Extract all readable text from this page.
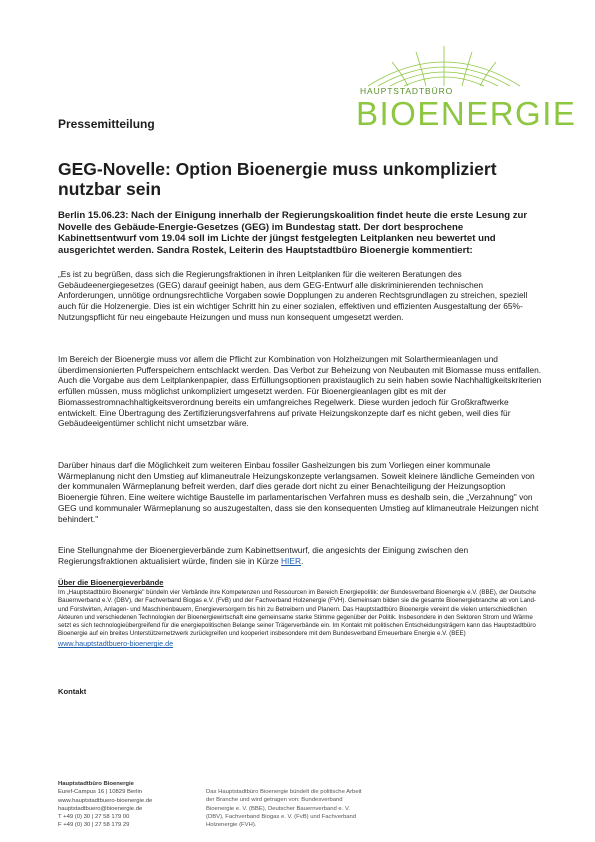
HAUPTSTADTBÜRO
BIOENERGIE
Pressemitteilung
GEG-Novelle: Option Bioenergie muss unkompliziert nutzbar sein

Berlin 15.06.23: Nach der Einigung innerhalb der Regierungskoalition findet heute die erste Lesung zur Novelle des Gebäude-Energie-Gesetzes (GEG) im Bundestag statt. Der dort besprochene Kabinettsentwurf vom 19.04 soll im Lichte der jüngst festgelegten Leitplanken neu bewertet und ausgerichtet werden. Sandra Rostek, Leiterin des Hauptstadtbüro Bioenergie kommentiert:

„Es ist zu begrüßen, dass sich die Regierungsfraktionen in ihren Leitplanken für die weiteren Beratungen des Gebäudeenergiegesetzes (GEG) darauf geeinigt haben, aus dem GEG-Entwurf alle diskriminierenden technischen Anforderungen, unnötige ordnungsrechtliche Vorgaben sowie Dopplungen zu anderen Rechtsgrundlagen zu streichen, speziell auch für die Holzenergie. Dies ist ein wichtiger Schritt hin zu einer sozialen, effektiven und effizienten Ausgestaltung der 65%-Nutzungspflicht für neu eingebaute Heizungen und muss nun konsequent umgesetzt werden.

Im Bereich der Bioenergie muss vor allem die Pflicht zur Kombination von Holzheizungen mit Solarthermieanlagen und überdimensionierten Pufferspeichern entschlackt werden. Das Verbot zur Beheizung von Neubauten mit Biomasse muss entfallen. Auch die Vorgabe aus dem Leitplankenpapier, dass Erfüllungsoptionen praxistauglich zu sein haben sowie Nachhaltigkeitskriterien erfüllen müssen, muss möglichst unkompliziert umgesetzt werden. Für Bioenergieanlagen gibt es mit der Biomassestromnachhaltigkeitsverordnung bereits ein umfangreiches Regelwerk. Diese wurden jedoch für Großkraftwerke entwickelt. Eine Übertragung des Zertifizierungsverfahrens auf private Heizungskonzepte darf es nicht geben, weil dies für Gebäudeeigentümer schlicht nicht umsetzbar wäre.

Darüber hinaus darf die Möglichkeit zum weiteren Einbau fossiler Gasheizungen bis zum Vorliegen einer kommunale Wärmeplanung nicht den Umstieg auf klimaneutrale Heizungskonzepte verlangsamen. Soweit kleinere ländliche Gemeinden von der kommunalen Wärmeplanung befreit werden, darf dies gerade dort nicht zu einer Benachteiligung der Heizungsoption Bioenergie führen. Eine weitere wichtige Baustelle im parlamentarischen Verfahren muss es deshalb sein, die „Verzahnung" von GEG und kommunaler Wärmeplanung so auszugestalten, dass sie den konsequenten Umstieg auf klimaneutrale Heizungen nicht behindert."

Eine Stellungnahme der Bioenergieverbände zum Kabinettsentwurf, die angesichts der Einigung zwischen den Regierungsfraktionen aktualisiert würde, finden sie in Kürze HIER.

Über die Bioenergieverbände

Im „Hauptstadtbüro Bioenergie" bündeln vier Verbände ihre Kompetenzen und Ressourcen im Bereich Energiepolitik: der Bundesverband Bioenergie e.V. (BBE), der Deutsche Bauernverband e.V. (DBV), der Fachverband Biogas e.V. (FvB) und der Fachverband Holzenergie (FVH). Gemeinsam bilden sie die gesamte Bioenergiebranche ab von Land- und Forstwirten, Anlagen- und Maschinenbauern, Energieversorgern bis hin zu Betreibern und Planern. Das Hauptstadtbüro Bioenergie vereint die vielen unterschiedlichen Akteuren und verschiedenen Technologien der Bioenergiewirtschaft eine gemeinsame starke Stimme gegenüber der Politik. Insbesondere in den Sektoren Strom und Wärme setzt es sich technologieübergreifend für die energiepolitischen Belange seiner Trägerverbände ein. Im Kontakt mit politischen Entscheidungsträgern kann das Hauptstadtbüro Bioenergie auf ein breites Unterstützernetzwerk zurückgreifen und kooperiert insbesondere mit dem Bundesverband Erneuerbare Energie e.V. (BEE)

www.hauptstadtbuero-bioenergie.de
Kontakt
Hauptstadtbüro Bioenergie
Euref-Campus 16 | 10829 Berlin
www.hauptstadtbuero-bioenergie.de
hauptstadtbuero@bioenergie.de
T +49 (0) 30 | 27 58 179 00
F +49 (0) 30 | 27 58 179 29
Das Hauptstadtbüro Bioenergie bündelt die politische Arbeit der Branche und wird getragen von: Bundesverband Bioenergie e. V. (BBE), Deutscher Bauernverband e. V. (DBV), Fachverband Biogas e. V. (FvB) und Fachverband Holzenergie (FVH).
